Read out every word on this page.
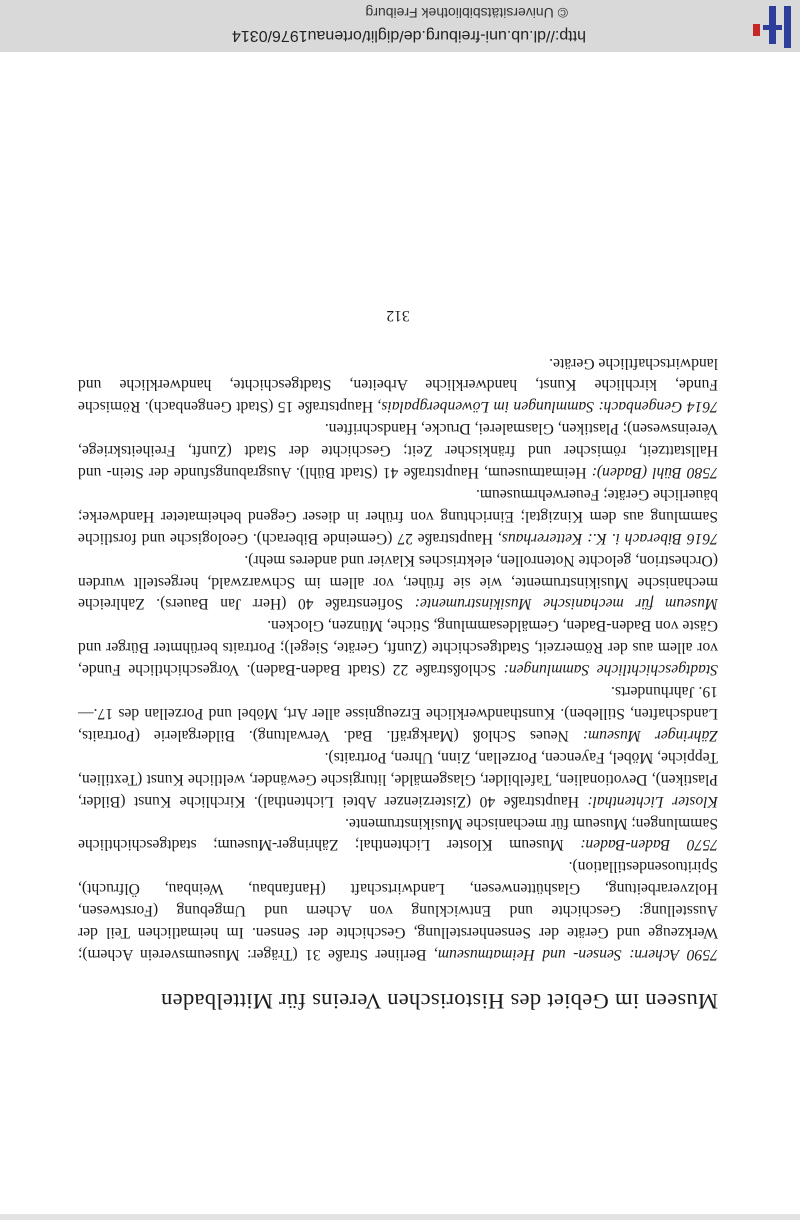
Museen im Gebiet des Historischen Vereins für Mittelbaden

7590 Achern: Sensen- und Heimatmuseum, Berliner Straße 31 (Träger: Museumsverein Achern); Werkzeuge und Geräte der Sensenherstellung, Geschichte der Sensen. Im heimatlichen Teil der Ausstellung: Geschichte und Entwicklung von Achern und Umgebung (Forstwesen, Holzverarbeitung, Glashüttenwesen, Landwirtschaft (Hanfanbau, Weinbau, Ölfrucht), Spirituosendestillation).

7570 Baden-Baden: Museum Kloster Lichtenthal; Zähringer-Museum; stadtgeschichtliche Sammlungen; Museum für mechanische Musikinstrumente.

Kloster Lichtenthal: Hauptstraße 40 (Zisterzienzer Abtei Lichtenthal). Kirchliche Kunst (Bilder, Plastiken), Devotionalien, Tafelbilder, Glasgemälde, liturgische Gewänder, weltliche Kunst (Textilien, Teppiche, Möbel, Fayencen, Porzellan, Zinn, Uhren, Portraits).

Zähringer Museum: Neues Schloß (Markgräfl. Bad. Verwaltung). Bildergalerie (Portraits, Landschaften, Stilleben). Kunsthandwerkliche Erzeugnisse aller Art, Möbel und Porzellan des 17.—19. Jahrhunderts.

Stadtgeschichtliche Sammlungen: Schloßstraße 22 (Stadt Baden-Baden). Vorgeschichtliche Funde, vor allem aus der Römerzeit, Stadtgeschichte (Zunft, Geräte, Siegel); Portraits berühmter Bürger und Gäste von Baden-Baden, Gemäldesammlung, Stiche, Münzen, Glocken.

Museum für mechanische Musikinstrumente: Sofienstraße 40 (Herr Jan Bauers). Zahlreiche mechanische Musikinstrumente, wie sie früher, vor allem im Schwarzwald, hergestellt wurden (Orchestrion, gelochte Notenrollen, elektrisches Klavier und anderes mehr).

7616 Biberach i. K.: Kettererhaus, Hauptstraße 27 (Gemeinde Biberach). Geologische und forstliche Sammlung aus dem Kinzigtal; Einrichtung von früher in dieser Gegend beheimateter Handwerke; bäuerliche Geräte; Feuerwehrmuseum.

7580 Bühl (Baden): Heimatmuseum, Hauptstraße 41 (Stadt Bühl). Ausgrabungsfunde der Stein- und Hallstattzeit, römischer und fränkischer Zeit; Geschichte der Stadt (Zunft, Freiheitskriege, Vereinswesen); Plastiken, Glasmalerei, Drucke, Handschriften.

7614 Gengenbach: Sammlungen im Löwenbergpalais, Hauptstraße 15 (Stadt Gengenbach). Römische Funde, kirchliche Kunst, handwerkliche Arbeiten, Stadtgeschichte, handwerkliche und landwirtschaftliche Geräte.

312
http://dl.ub.uni-freiburg.de/diglit/ortenau1976/0314
© Universitätsbibliothek Freiburg
